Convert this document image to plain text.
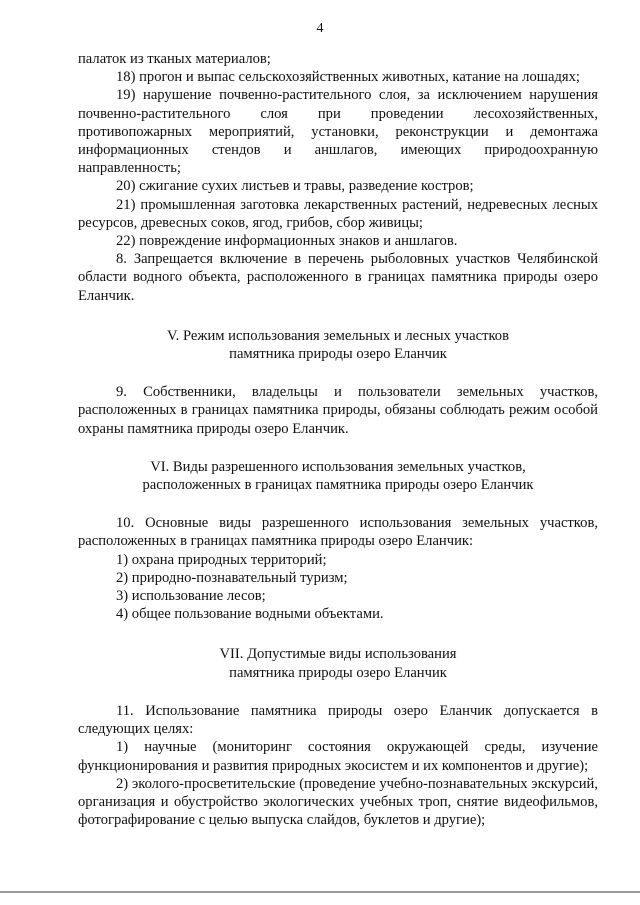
4

палаток из тканых материалов;

18) прогон и выпас сельскохозяйственных животных, катание на лошадях;

19) нарушение почвенно-растительного слоя, за исключением нарушения почвенно-растительного слоя при проведении лесохозяйственных, противопожарных мероприятий, установки, реконструкции и демонтажа информационных стендов и аншлагов, имеющих природоохранную направленность;

20) сжигание сухих листьев и травы, разведение костров;

21) промышленная заготовка лекарственных растений, недревесных лесных ресурсов, древесных соков, ягод, грибов, сбор живицы;

22) повреждение информационных знаков и аншлагов.

8. Запрещается включение в перечень рыболовных участков Челябинской области водного объекта, расположенного в границах памятника природы озеро Еланчик.

V. Режим использования земельных и лесных участков
памятника природы озеро Еланчик

9. Собственники, владельцы и пользователи земельных участков, расположенных в границах памятника природы, обязаны соблюдать режим особой охраны памятника природы озеро Еланчик.

VI. Виды разрешенного использования земельных участков,
расположенных в границах памятника природы озеро Еланчик

10. Основные виды разрешенного использования земельных участков, расположенных в границах памятника природы озеро Еланчик:

1) охрана природных территорий;

2) природно-познавательный туризм;

3) использование лесов;

4) общее пользование водными объектами.

VII. Допустимые виды использования
памятника природы озеро Еланчик

11. Использование памятника природы озеро Еланчик допускается в следующих целях:

1) научные (мониторинг состояния окружающей среды, изучение функционирования и развития природных экосистем и их компонентов и другие);

2) эколого-просветительские (проведение учебно-познавательных экскурсий, организация и обустройство экологических учебных троп, снятие видеофильмов, фотографирование с целью выпуска слайдов, буклетов и другие);
